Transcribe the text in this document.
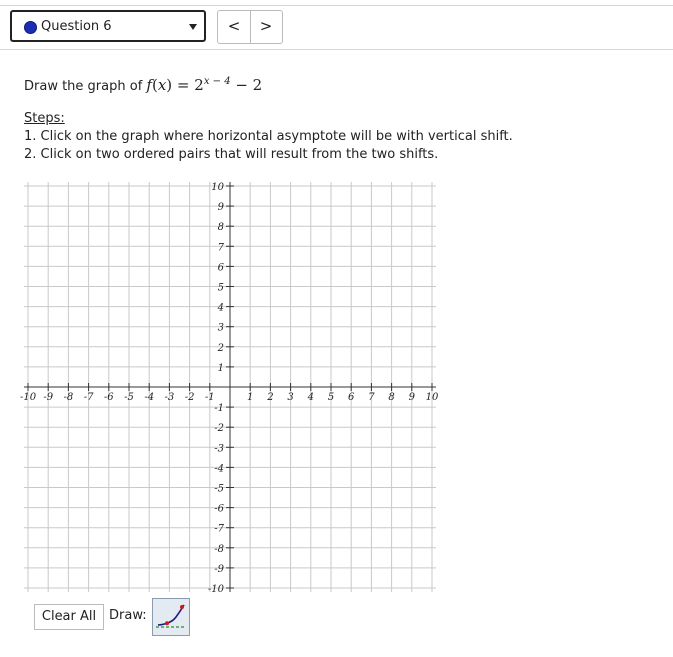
Question 6	<	>
Draw the graph of $f(x) = 2^{x - 4} - 2$
Steps:
1. Click on the graph where horizontal asymptote will be with vertical shift.
2. Click on two ordered pairs that will result from the two shifts.
-10 -9 -8 -7 -6 -5 -4 -3 -2 -1	1 2 3 4 5 6 7 8 9 10
-10
-9
-8
-7
-6
-5
-4
-3
-2
-1
1
2
3
4
5
6
7
8
9
10
Clear All Draw:
